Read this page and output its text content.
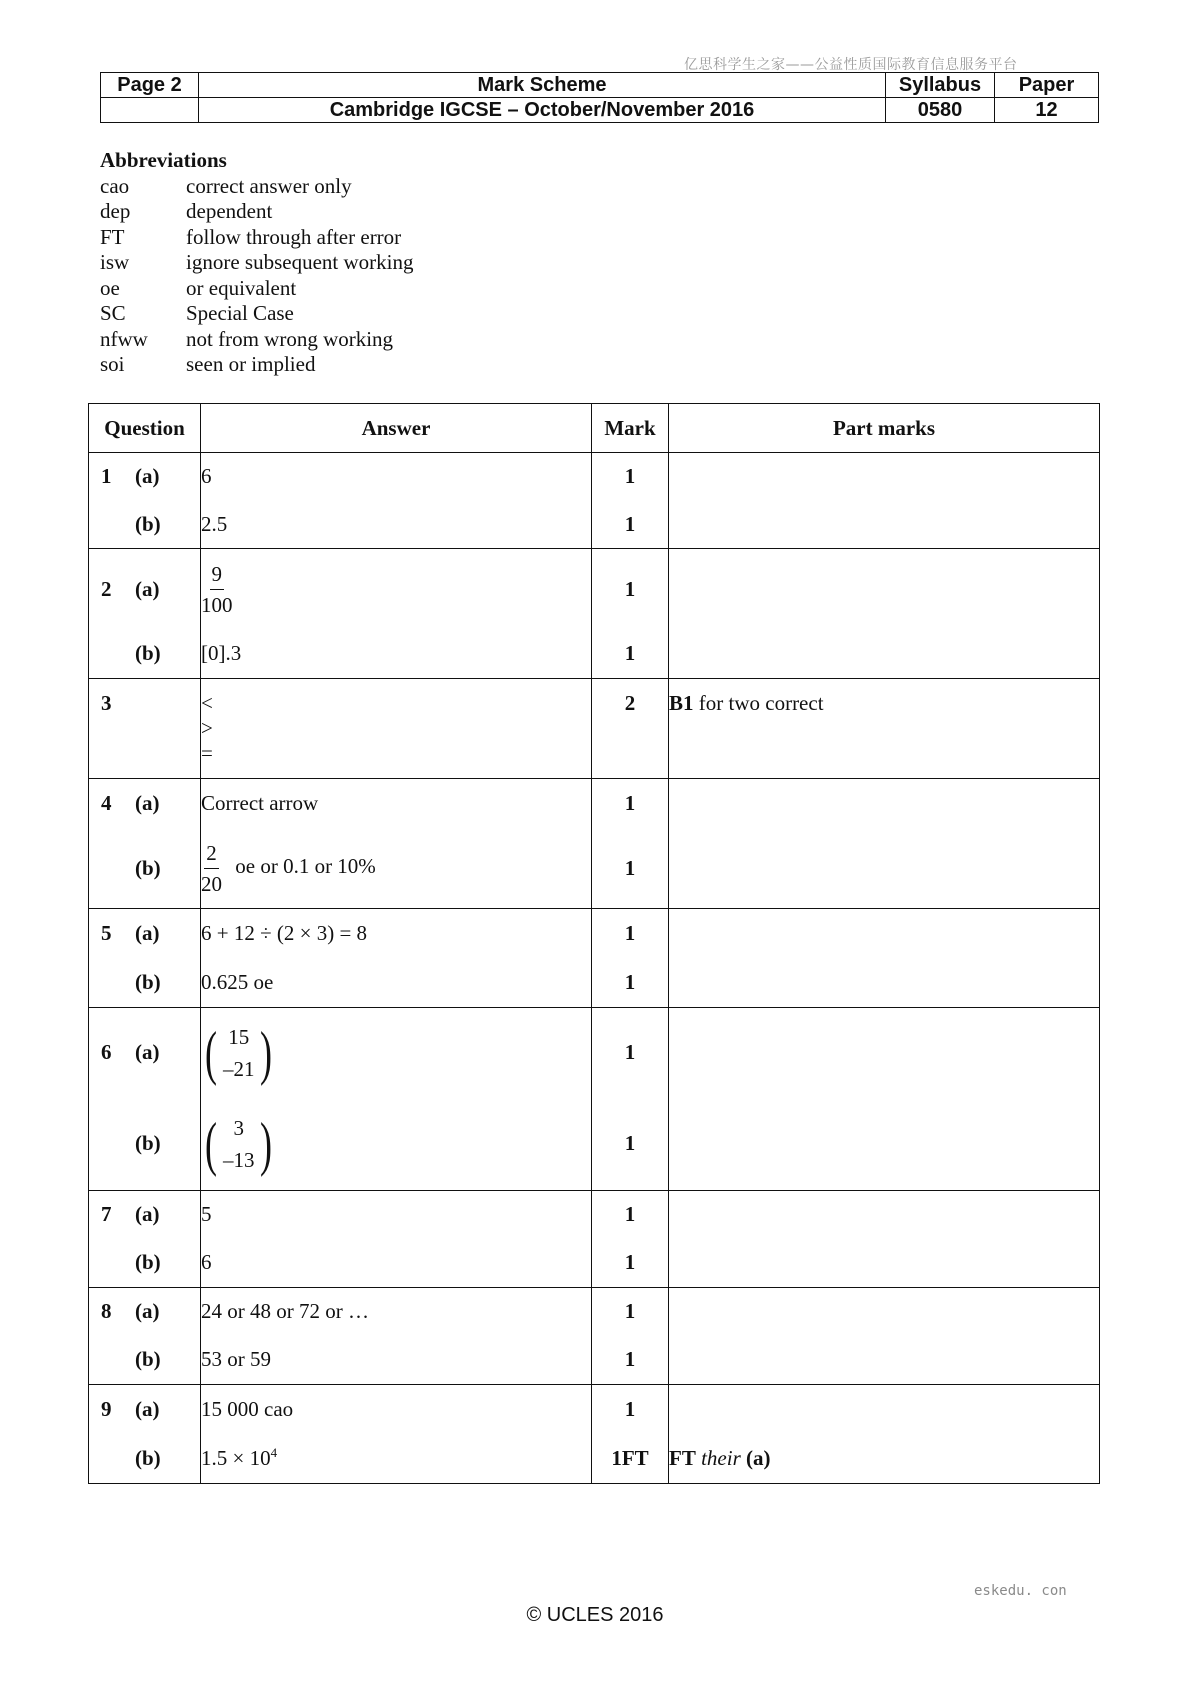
亿思科学生之家——公益性质国际教育信息服务平台
Page 2	Mark Scheme	Syllabus	Paper
	Cambridge IGCSE – October/November 2016	0580	12
Abbreviations
cao	correct answer only
dep	dependent
FT	follow through after error
isw	ignore subsequent working
oe	or equivalent
SC	Special Case
nfww	not from wrong working
soi	seen or implied
Question	Answer	Mark	Part marks

1 (a)	6	1	

(b)	2.5	1	

2 (a)	$\frac{9}{100}$	1	

(b)	[0].3	1	

3	<
>
=	2	B1 for two correct

4 (a)	Correct arrow	1	

(b)	$\frac{2}{20}$ oe or 0.1 or 10%	1	

5 (a)	6 + 12 ÷ (2 × 3) = 8	1	

(b)	0.625 oe	1	

6 (a)	( 15
–21 )	1	

(b)	( 3
–13 )	1	

7 (a)	5	1	

(b)	6	1	

8 (a)	24 or 48 or 72 or …	1	

(b)	53 or 59	1	

9 (a)	15 000 cao	1	

(b)	$1.5 \times 10^4$	1FT	FT their (a)
eskedu. con
© UCLES 2016
